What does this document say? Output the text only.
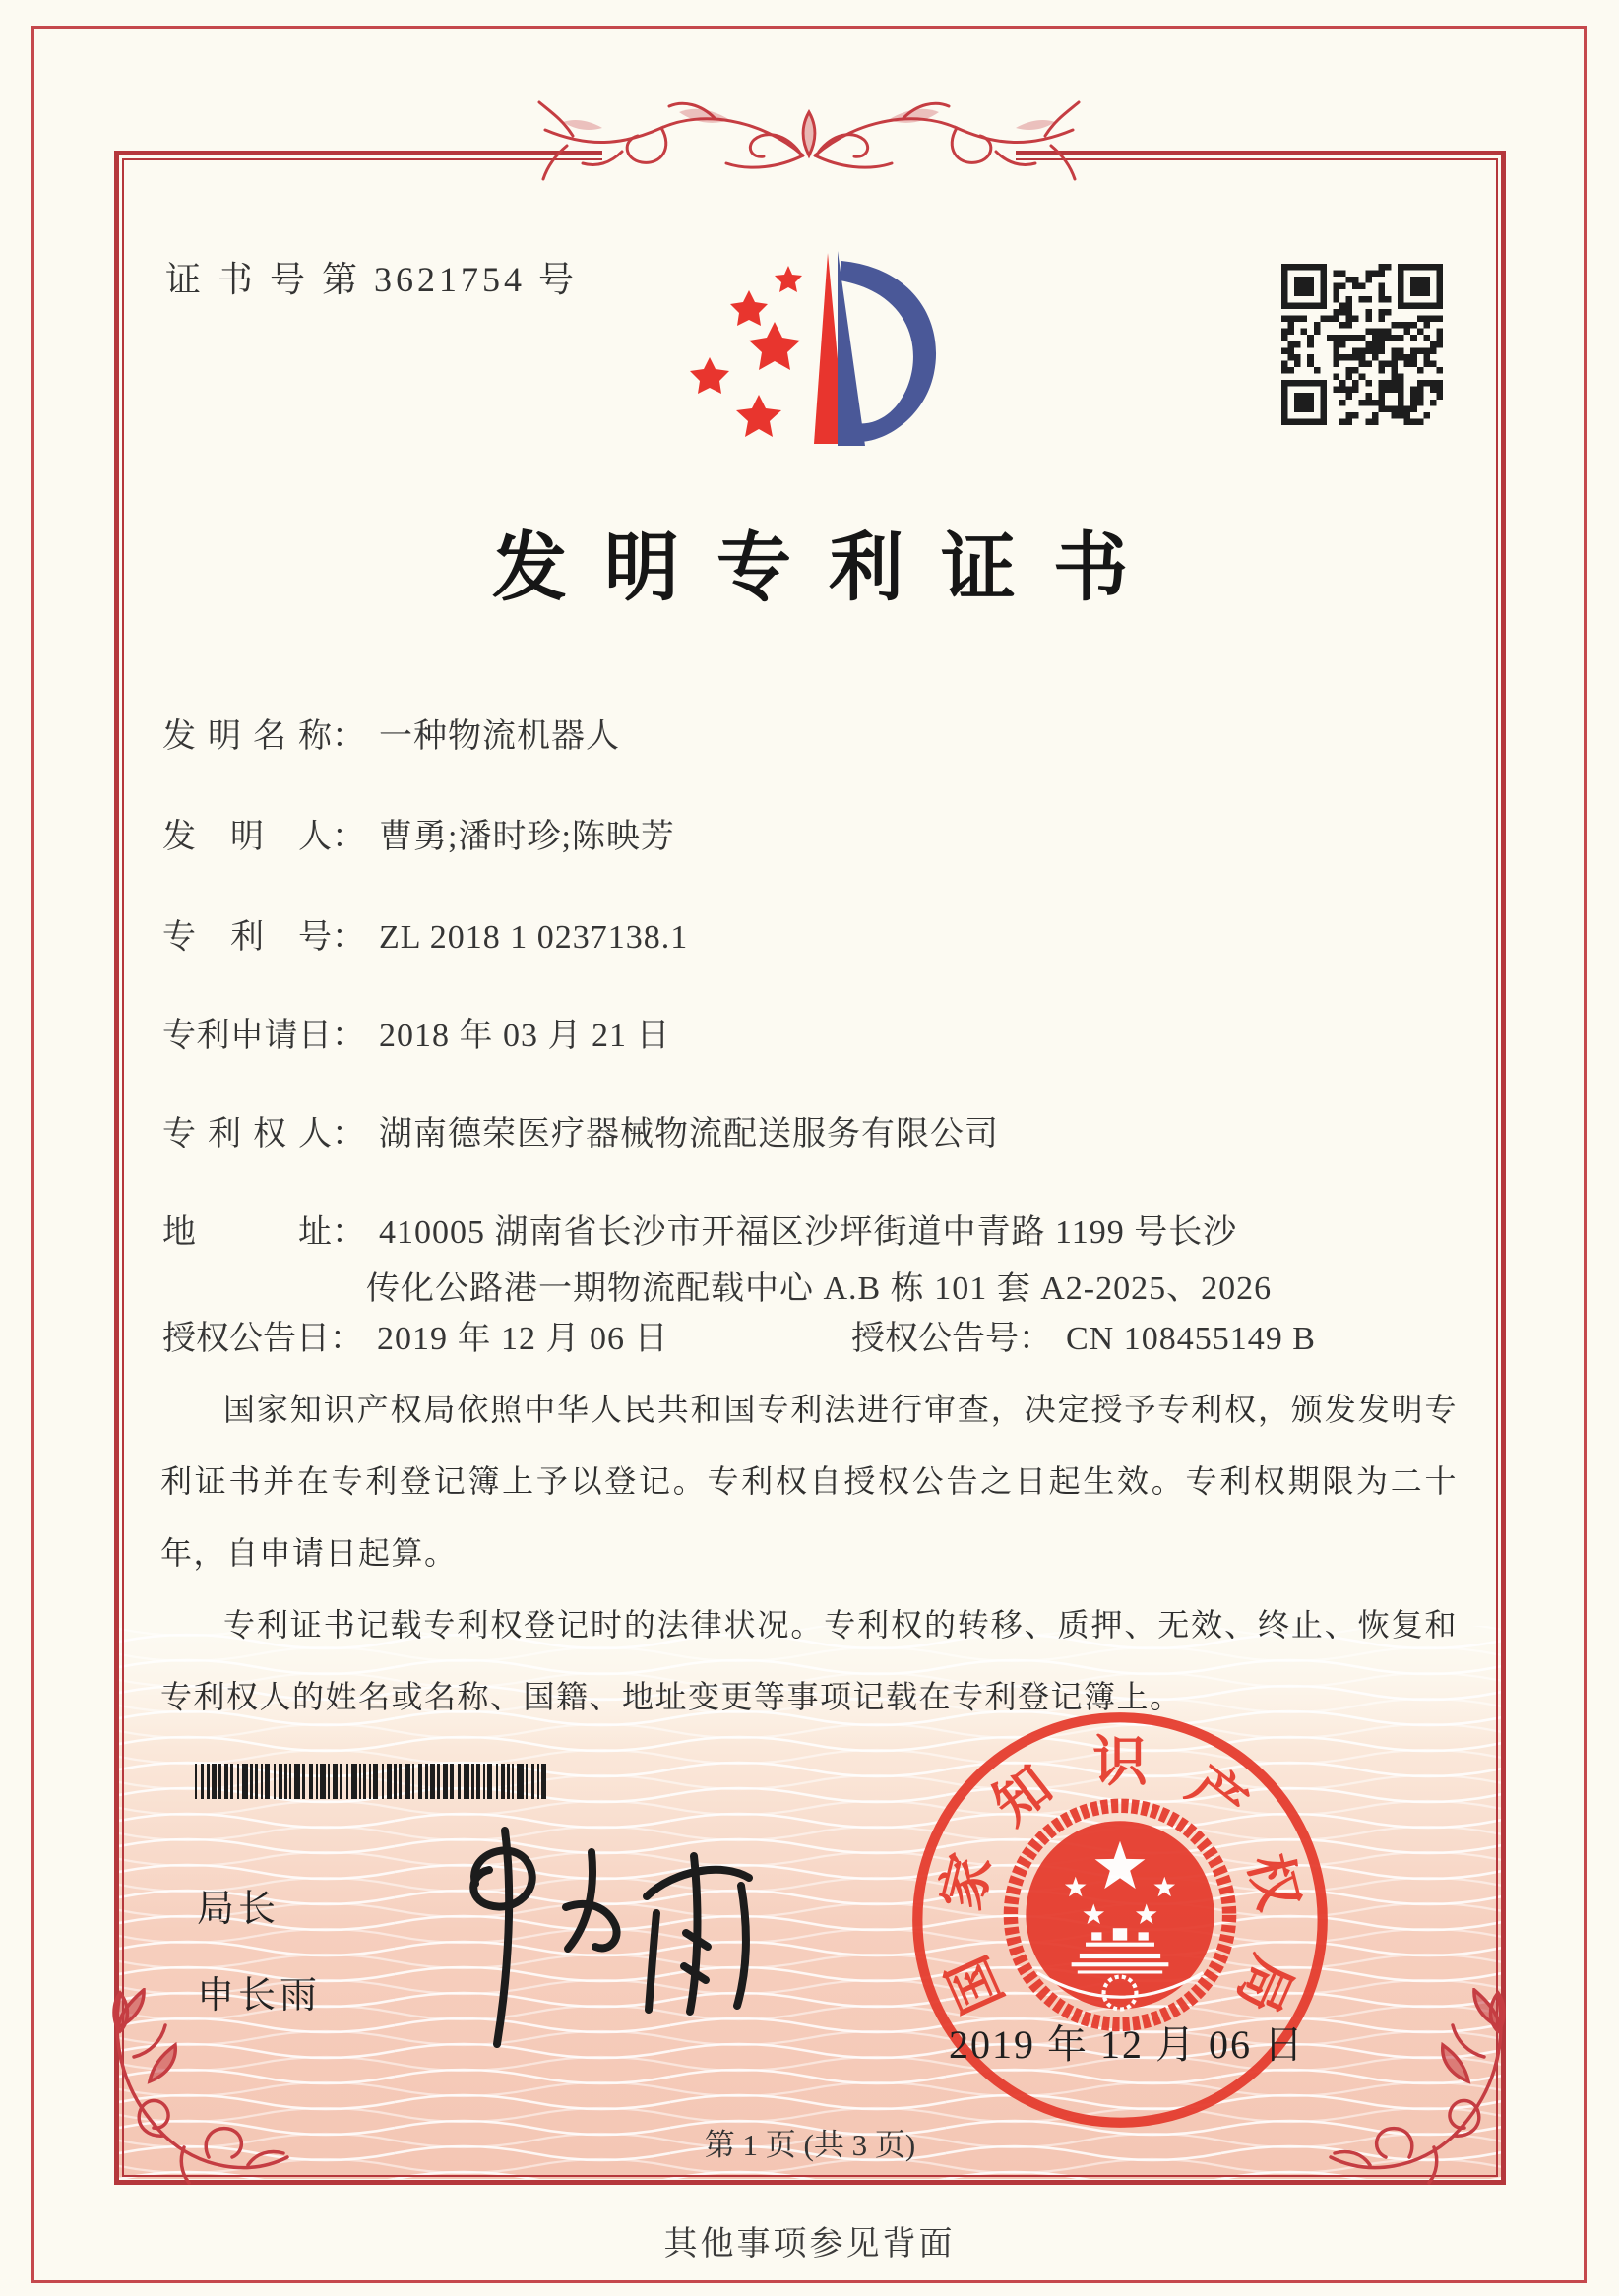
证 书 号 第 3621754 号
发明专利证书
发明名称： 一种物流机器人
发明人： 曹勇;潘时珍;陈映芳
专利号： ZL 2018 1 0237138.1
专利申请日： 2018 年 03 月 21 日
专利权人： 湖南德荣医疗器械物流配送服务有限公司
地址： 410005 湖南省长沙市开福区沙坪街道中青路 1199 号长沙
传化公路港一期物流配载中心 A.B 栋 101 套 A2-2025、2026
授权公告日： 2019 年 12 月 06 日	授权公告号： CN 108455149 B

国家知识产权局依照中华人民共和国专利法进行审查，决定授予专利权，颁发发明专利证书并在专利登记簿上予以登记。专利权自授权公告之日起生效。专利权期限为二十年，自申请日起算。

专利证书记载专利权登记时的法律状况。专利权的转移、质押、无效、终止、恢复和专利权人的姓名或名称、国籍、地址变更等事项记载在专利登记簿上。

局长
申长雨	国
家
知 识 产
权
局
2019 年 12 月 06 日
第 1 页 (共 3 页)
其他事项参见背面
